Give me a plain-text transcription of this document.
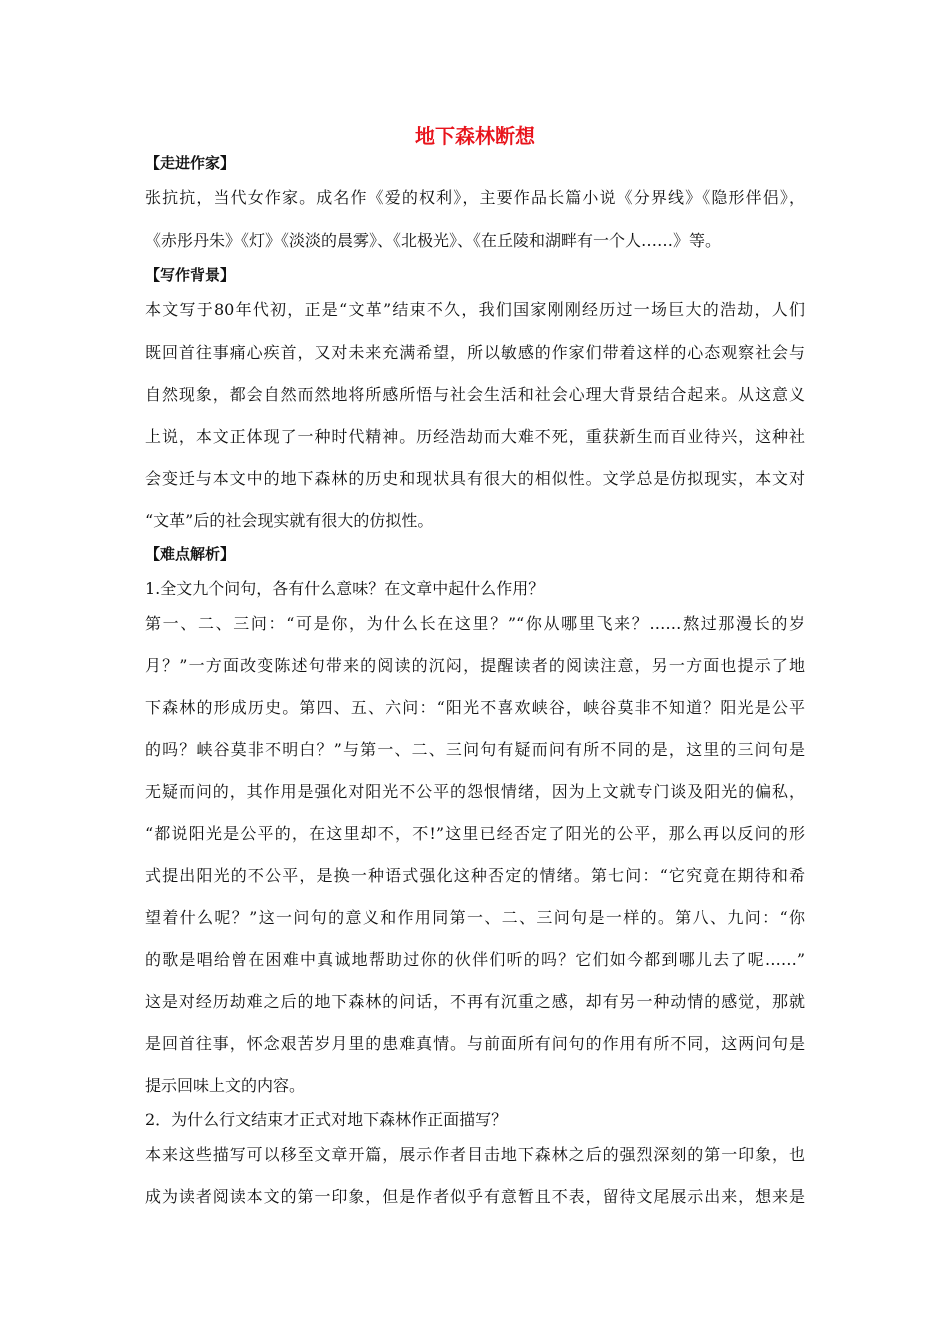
地下森林断想
【走进作家】
张抗抗，当代女作家。成名作《爱的权利》，主要作品长篇小说《分界线》《隐形伴侣》，
《赤彤丹朱》《灯》《淡淡的晨雾》、《北极光》、《在丘陵和湖畔有一个人……》等。
【写作背景】
本文写于80年代初，正是“文革”结束不久，我们国家刚刚经历过一场巨大的浩劫，人们
既回首往事痛心疾首，又对未来充满希望，所以敏感的作家们带着这样的心态观察社会与
自然现象，都会自然而然地将所感所悟与社会生活和社会心理大背景结合起来。从这意义
上说，本文正体现了一种时代精神。历经浩劫而大难不死，重获新生而百业待兴，这种社
会变迁与本文中的地下森林的历史和现状具有很大的相似性。文学总是仿拟现实，本文对
“文革”后的社会现实就有很大的仿拟性。
【难点解析】
1.全文九个问句，各有什么意味？在文章中起什么作用？
第一、二、三问：“可是你，为什么长在这里？”“你从哪里飞来？……熬过那漫长的岁
月？”一方面改变陈述句带来的阅读的沉闷，提醒读者的阅读注意，另一方面也提示了地
下森林的形成历史。第四、五、六问：“阳光不喜欢峡谷，峡谷莫非不知道？阳光是公平
的吗？峡谷莫非不明白？”与第一、二、三问句有疑而问有所不同的是，这里的三问句是
无疑而问的，其作用是强化对阳光不公平的怨恨情绪，因为上文就专门谈及阳光的偏私，
“都说阳光是公平的，在这里却不，不!”这里已经否定了阳光的公平，那么再以反问的形
式提出阳光的不公平，是换一种语式强化这种否定的情绪。第七问：“它究竟在期待和希
望着什么呢？”这一问句的意义和作用同第一、二、三问句是一样的。第八、九问：“你
的歌是唱给曾在困难中真诚地帮助过你的伙伴们听的吗？它们如今都到哪儿去了呢……”
这是对经历劫难之后的地下森林的问话，不再有沉重之感，却有另一种动情的感觉，那就
是回首往事，怀念艰苦岁月里的患难真情。与前面所有问句的作用有所不同，这两问句是
提示回味上文的内容。
2．为什么行文结束才正式对地下森林作正面描写？
本来这些描写可以移至文章开篇，展示作者目击地下森林之后的强烈深刻的第一印象，也
成为读者阅读本文的第一印象，但是作者似乎有意暂且不表，留待文尾展示出来，想来是
